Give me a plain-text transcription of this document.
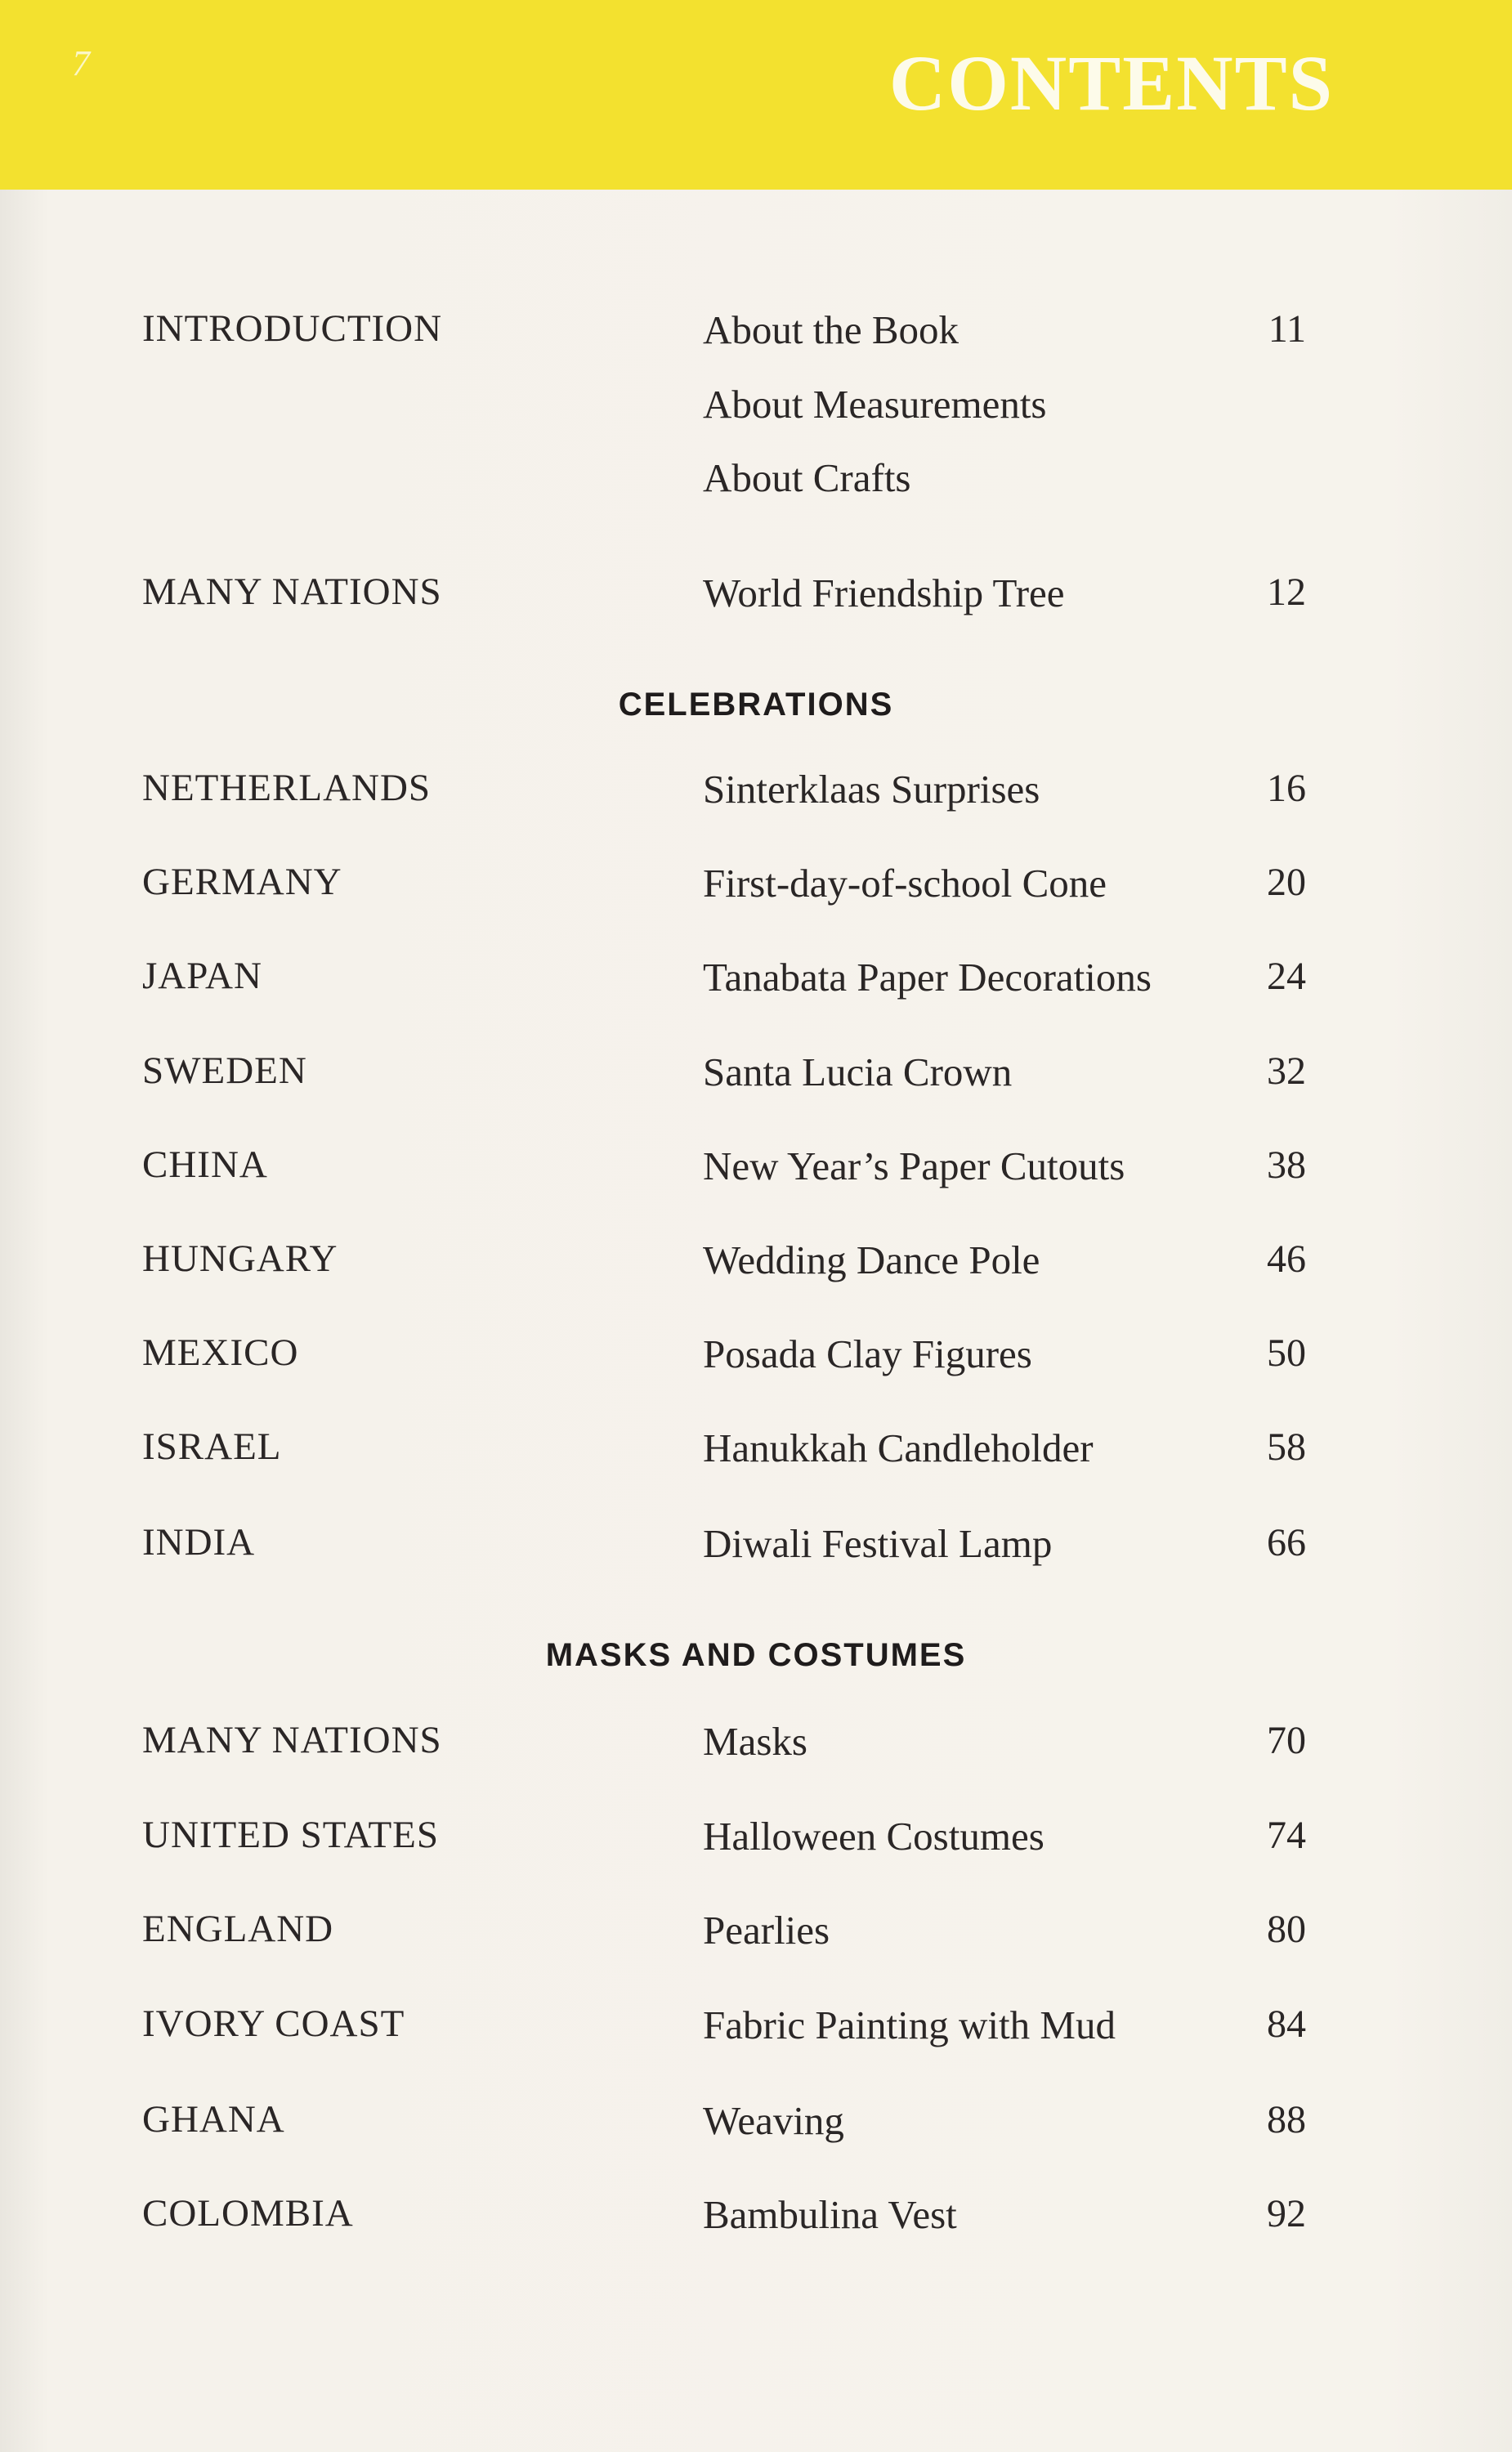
7	CONTENTS
INTRODUCTION	About the Book	11
About Measurements
About Crafts
MANY NATIONS	World Friendship Tree	12
CELEBRATIONS
NETHERLANDS	Sinterklaas Surprises	16
GERMANY	First-day-of-school Cone	20
JAPAN	Tanabata Paper Decorations	24
SWEDEN	Santa Lucia Crown	32
CHINA	New Year’s Paper Cutouts	38
HUNGARY	Wedding Dance Pole	46
MEXICO	Posada Clay Figures	50
ISRAEL	Hanukkah Candleholder	58
INDIA	Diwali Festival Lamp	66
MASKS AND COSTUMES
MANY NATIONS	Masks	70
UNITED STATES	Halloween Costumes	74
ENGLAND	Pearlies	80
IVORY COAST	Fabric Painting with Mud	84
GHANA	Weaving	88
COLOMBIA	Bambulina Vest	92
